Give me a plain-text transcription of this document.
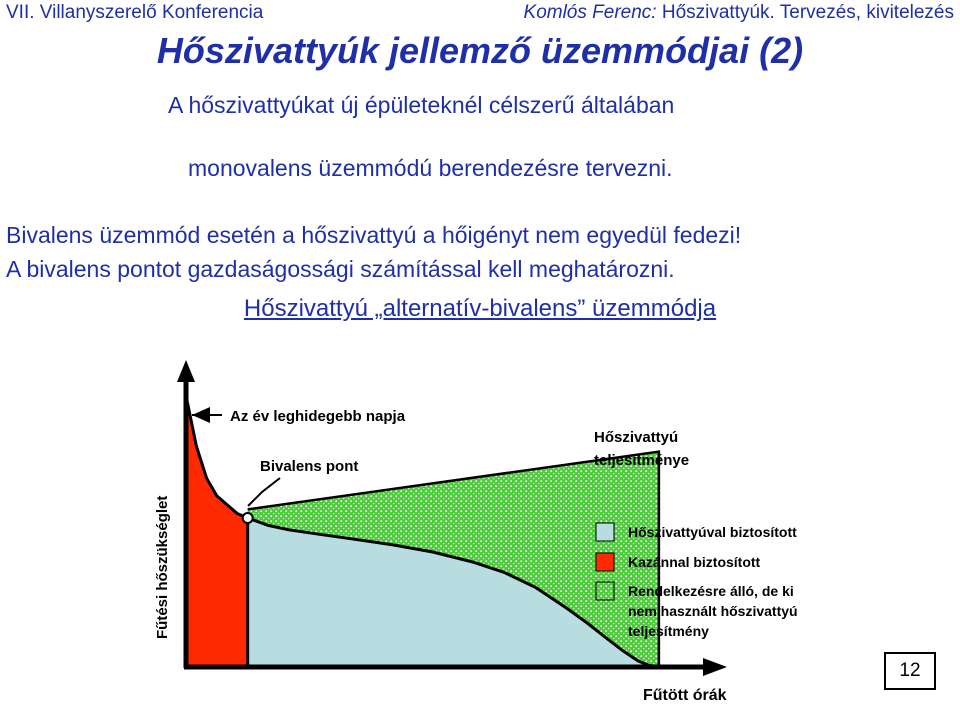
VII. Villanyszerelő Konferencia	Komlós Ferenc: Hőszivattyúk. Tervezés, kivitelezés
Hőszivattyúk jellemző üzemmódjai (2)
A hőszivattyúkat új épületeknél célszerű általában
monovalens üzemmódú berendezésre tervezni.
Bivalens üzemmód esetén a hőszivattyú a hőigényt nem egyedül fedezi!
A bivalens pontot gazdaságossági számítással kell meghatározni.
Hőszivattyú „alternatív-bivalens” üzemmódja
Fűtési hőszükséglet
Fűtött órák
Az év leghidegebb napja
Bivalens pont
Hőszivattyú
teljesítménye
Hőszivattyúval biztosított
Kazánnal biztosított
Rendelkezésre álló, de ki
nem használt hőszivattyú
teljesítmény
12
